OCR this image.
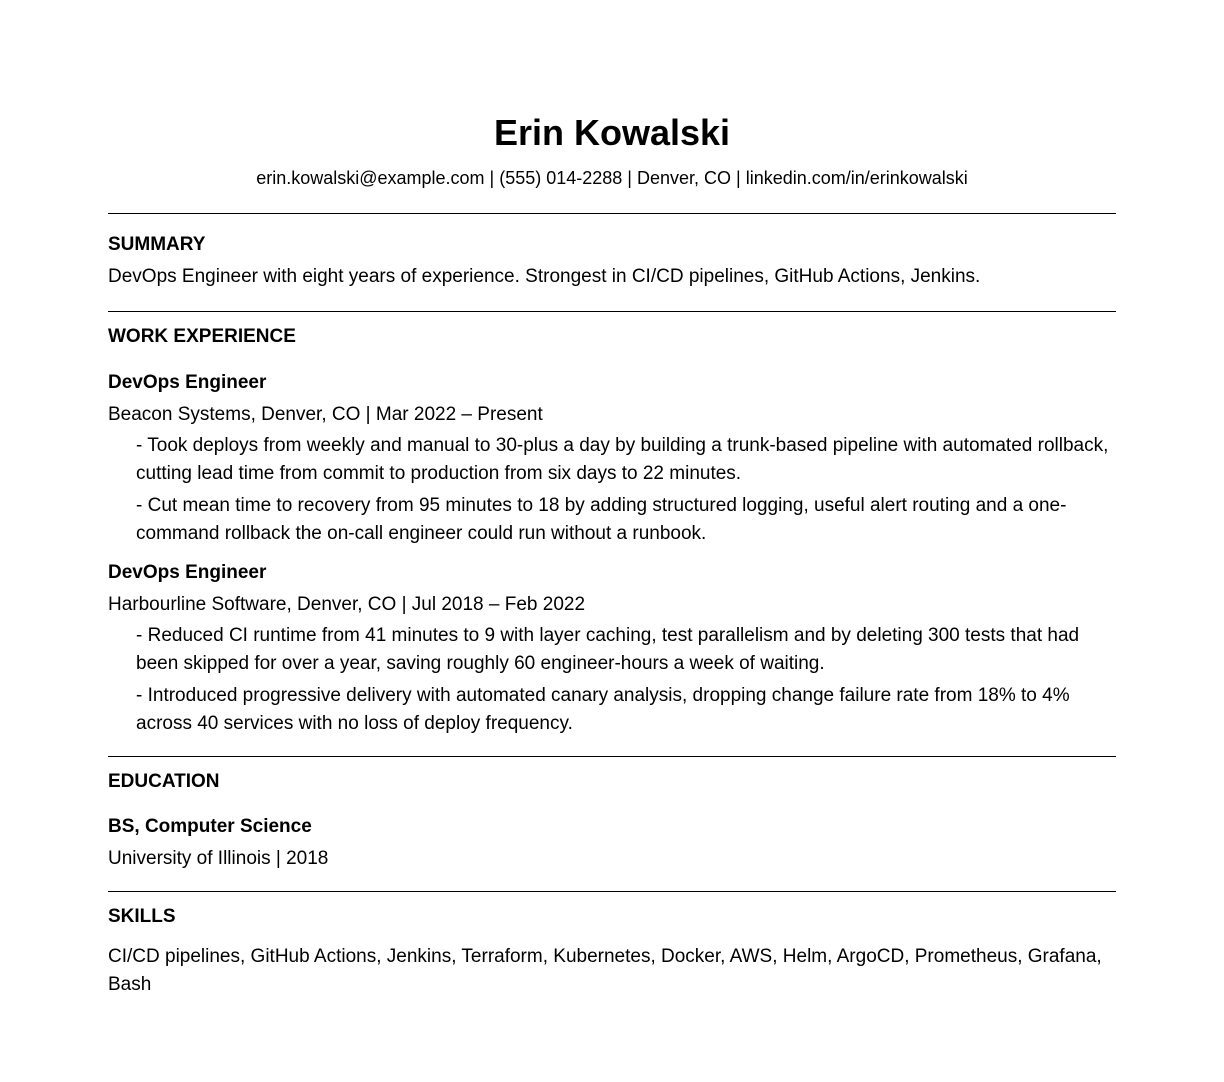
Erin Kowalski
erin.kowalski@example.com | (555) 014-2288 | Denver, CO | linkedin.com/in/erinkowalski
SUMMARY
DevOps Engineer with eight years of experience. Strongest in CI/CD pipelines, GitHub Actions, Jenkins.
WORK EXPERIENCE
DevOps Engineer
Beacon Systems, Denver, CO | Mar 2022 – Present
- Took deploys from weekly and manual to 30-plus a day by building a trunk-based pipeline with automated rollback, cutting lead time from commit to production from six days to 22 minutes.
- Cut mean time to recovery from 95 minutes to 18 by adding structured logging, useful alert routing and a one-command rollback the on-call engineer could run without a runbook.
DevOps Engineer
Harbourline Software, Denver, CO | Jul 2018 – Feb 2022
- Reduced CI runtime from 41 minutes to 9 with layer caching, test parallelism and by deleting 300 tests that had been skipped for over a year, saving roughly 60 engineer-hours a week of waiting.
- Introduced progressive delivery with automated canary analysis, dropping change failure rate from 18% to 4% across 40 services with no loss of deploy frequency.
EDUCATION
BS, Computer Science
University of Illinois | 2018
SKILLS
CI/CD pipelines, GitHub Actions, Jenkins, Terraform, Kubernetes, Docker, AWS, Helm, ArgoCD, Prometheus, Grafana, Bash
